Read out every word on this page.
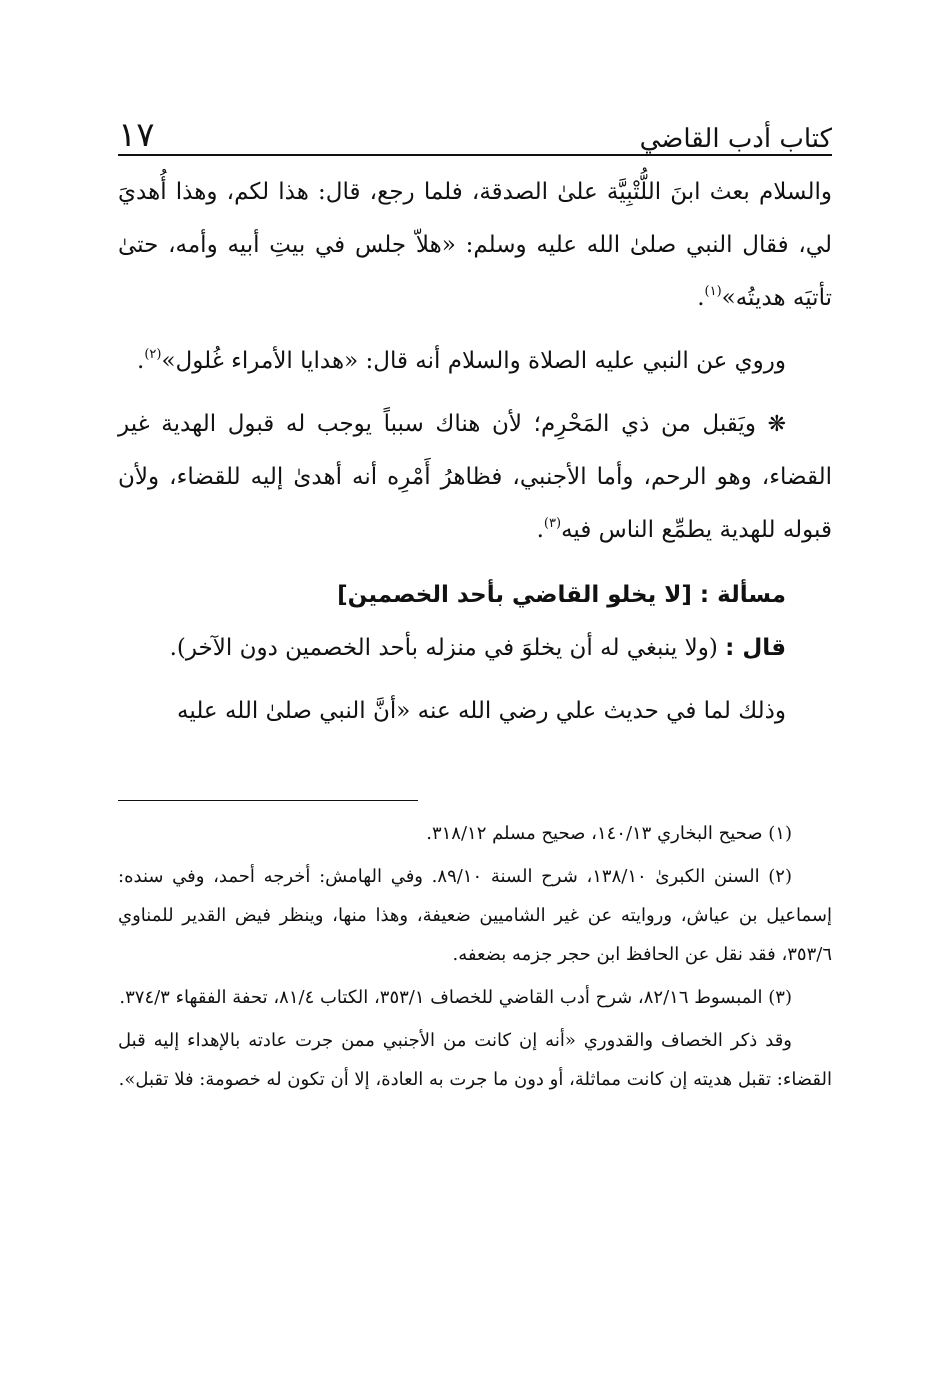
كتاب أدب القاضي
١٧

والسلام بعث ابنَ اللُّتْبِيَّة علىٰ الصدقة، فلما رجع، قال: هذا لكم، وهذا أُهديَ لي، فقال النبي صلىٰ الله عليه وسلم: «هلاّ جلس في بيتِ أبيه وأمه، حتىٰ تأتيَه هديتُه»$^{(١)}$.

وروي عن النبي عليه الصلاة والسلام أنه قال: «هدايا الأمراء غُلول»$^{(٢)}$.

❋ ويَقبل من ذي المَحْرِم؛ لأن هناك سبباً يوجب له قبول الهدية غير القضاء، وهو الرحم، وأما الأجنبي، فظاهرُ أَمْرِه أنه أهدىٰ إليه للقضاء، ولأن قبوله للهدية يطمِّع الناس فيه$^{(٣)}$.

مسألة : [لا يخلو القاضي بأحد الخصمين]

قال : (ولا ينبغي له أن يخلوَ في منزله بأحد الخصمين دون الآخر).

وذلك لما في حديث علي رضي الله عنه «أنَّ النبي صلىٰ الله عليه

(١) صحيح البخاري ١٤٠/١٣، صحيح مسلم ٣١٨/١٢.

(٢) السنن الكبرىٰ ١٣٨/١٠، شرح السنة ٨٩/١٠. وفي الهامش: أخرجه أحمد، وفي سنده: إسماعيل بن عياش، وروايته عن غير الشاميين ضعيفة، وهذا منها، وينظر فيض القدير للمناوي ٣٥٣/٦، فقد نقل عن الحافظ ابن حجر جزمه بضعفه.

(٣) المبسوط ٨٢/١٦، شرح أدب القاضي للخصاف ٣٥٣/١، الكتاب ٨١/٤، تحفة الفقهاء ٣٧٤/٣.

وقد ذكر الخصاف والقدوري «أنه إن كانت من الأجنبي ممن جرت عادته بالإهداء إليه قبل القضاء: تقبل هديته إن كانت مماثلة، أو دون ما جرت به العادة، إلا أن تكون له خصومة: فلا تقبل».
